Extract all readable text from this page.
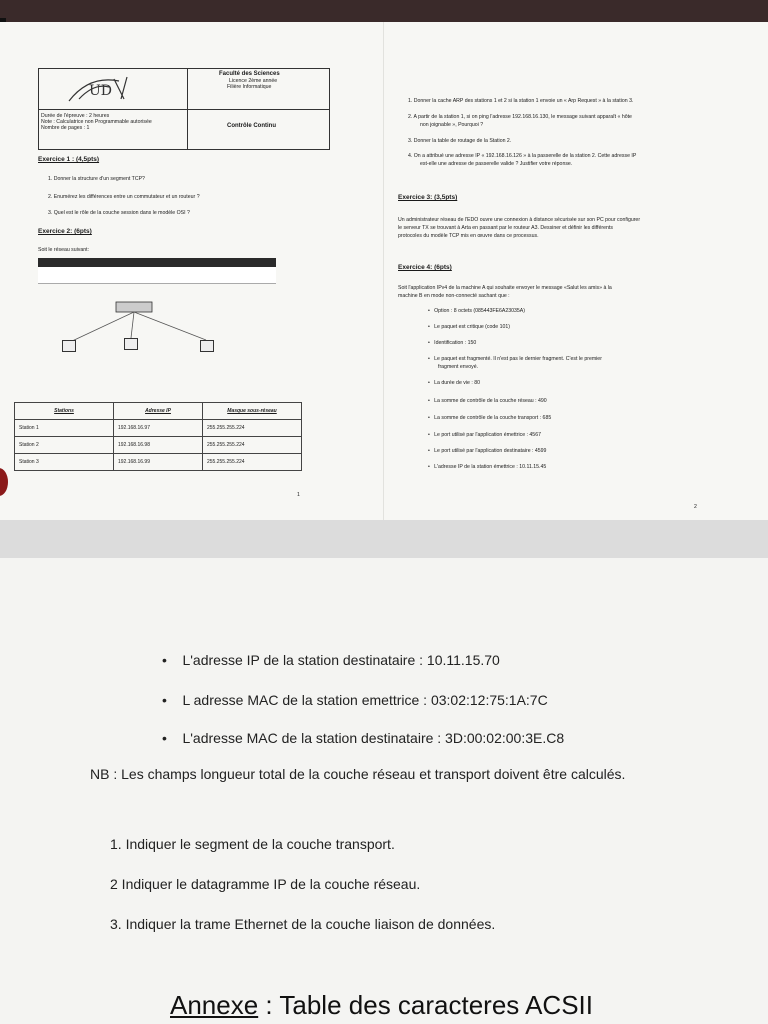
UD
Faculté des Sciences
Licence 2ème année
Filière Informatique
Durée de l'épreuve : 2 heures
Note : Calculatrice non Programmable autorisée
Nombre de pages : 1	Contrôle Continu
Exercice 1 : (4,5pts)
1. Donner la structure d'un segment TCP?
2. Enumérez les différences entre un commutateur et un routeur ?
3. Quel est le rôle de la couche session dans le modèle OSI ?
Exercice 2: (6pts)
Soit le réseau suivant:
Stations	Adresse IP	Masque sous-réseau
Station 1	192.168.16.97	255.255.255.224
Station 2	192.168.16.98	255.255.255.224
Station 3	192.168.16.99	255.255.255.224
1
1. Donner la cache ARP des stations 1 et 2 si la station 1 envoie un « Arp Request » à la station 3.
2. A partir de la station 1, si on ping l'adresse 192.168.16.130, le message suivant apparaît « hôte
non joignable », Pourquoi ?
3. Donner la table de routage de la Station 2.
4. On a attribué une adresse IP « 192.168.16.126 » à la passerelle de la station 2. Cette adresse IP
est-elle une adresse de passerelle valide ? Justifier votre réponse.
Exercice 3: (3,5pts)
Un administrateur réseau de l'EDO ouvre une connexion à distance sécurisée sur son PC pour configurer
le serveur TX se trouvant à Arta en passant par le routeur A3. Dessiner et définir les différents
protocoles du modèle TCP mis en œuvre dans ce processus.
Exercice 4: (6pts)
Soit l'application IPv4 de la machine A qui souhaite envoyer le message «Salut les amis» à la
machine B en mode non-connecté sachant que :
•   Option : 8 octets (085443FE6A23035A)
•   Le paquet est critique (code 101)
•   Identification : 150
•   Le paquet est fragmenté. Il n'est pas le dernier fragment. C'est le premier
fragment envoyé.
•   La durée de vie : 80
•   La somme de contrôle de la couche réseau : 490
•   La somme de contrôle de la couche transport : 685
•   Le port utilisé par l'application émettrice : 4567
•   Le port utilisé par l'application destinataire : 4599
•   L'adresse IP de la station émettrice : 10.11.15.45
2
•    L'adresse IP de la station destinataire : 10.11.15.70
•    L adresse MAC de la station emettrice : 03:02:12:75:1A:7C
•    L'adresse MAC de la station destinataire : 3D:00:02:00:3E.C8
NB : Les champs longueur total de la couche réseau et transport doivent être calculés.
1. Indiquer le segment de la couche transport.
2 Indiquer le datagramme IP de la couche réseau.
3. Indiquer la trame Ethernet de la couche liaison de données.
Annexe : Table des caracteres ACSII
